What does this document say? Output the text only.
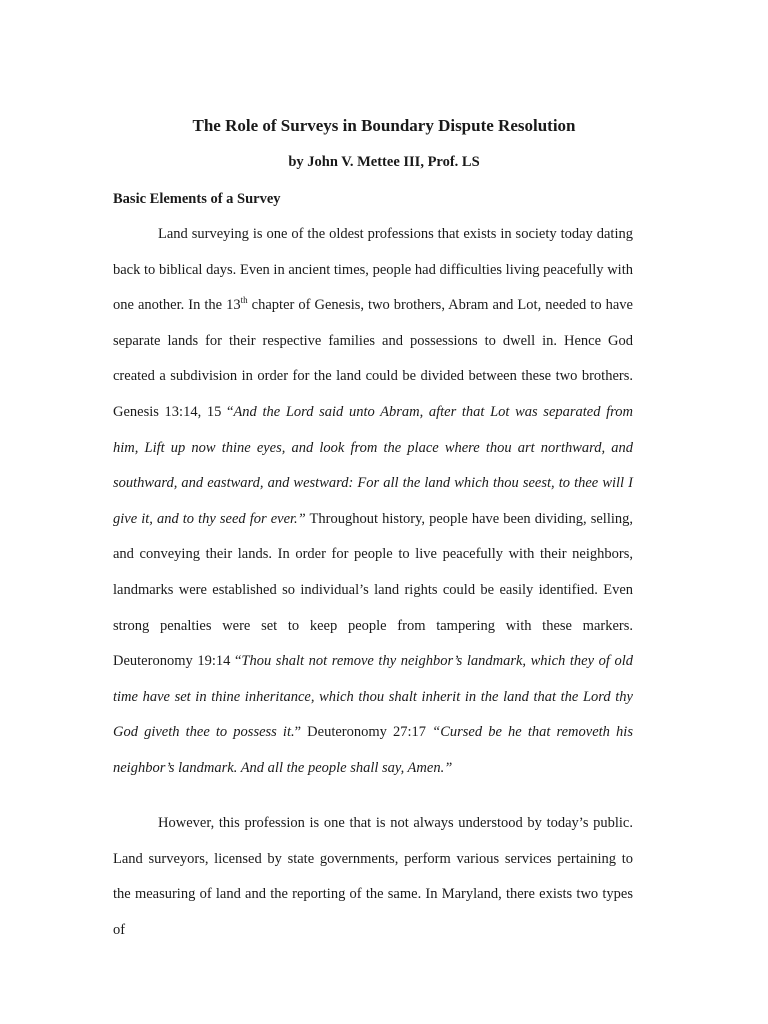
The Role of Surveys in Boundary Dispute Resolution
by John V. Mettee III, Prof. LS
Basic Elements of a Survey

Land surveying is one of the oldest professions that exists in society today dating back to biblical days. Even in ancient times, people had difficulties living peacefully with one another. In the 13th chapter of Genesis, two brothers, Abram and Lot, needed to have separate lands for their respective families and possessions to dwell in. Hence God created a subdivision in order for the land could be divided between these two brothers. Genesis 13:14, 15 “And the Lord said unto Abram, after that Lot was separated from him, Lift up now thine eyes, and look from the place where thou art northward, and southward, and eastward, and westward: For all the land which thou seest, to thee will I give it, and to thy seed for ever.” Throughout history, people have been dividing, selling, and conveying their lands. In order for people to live peacefully with their neighbors, landmarks were established so individual’s land rights could be easily identified. Even strong penalties were set to keep people from tampering with these markers. Deuteronomy 19:14 “Thou shalt not remove thy neighbor’s landmark, which they of old time have set in thine inheritance, which thou shalt inherit in the land that the Lord thy God giveth thee to possess it.” Deuteronomy 27:17 “Cursed be he that removeth his neighbor’s landmark. And all the people shall say, Amen.”

However, this profession is one that is not always understood by today’s public. Land surveyors, licensed by state governments, perform various services pertaining to the measuring of land and the reporting of the same. In Maryland, there exists two types of
